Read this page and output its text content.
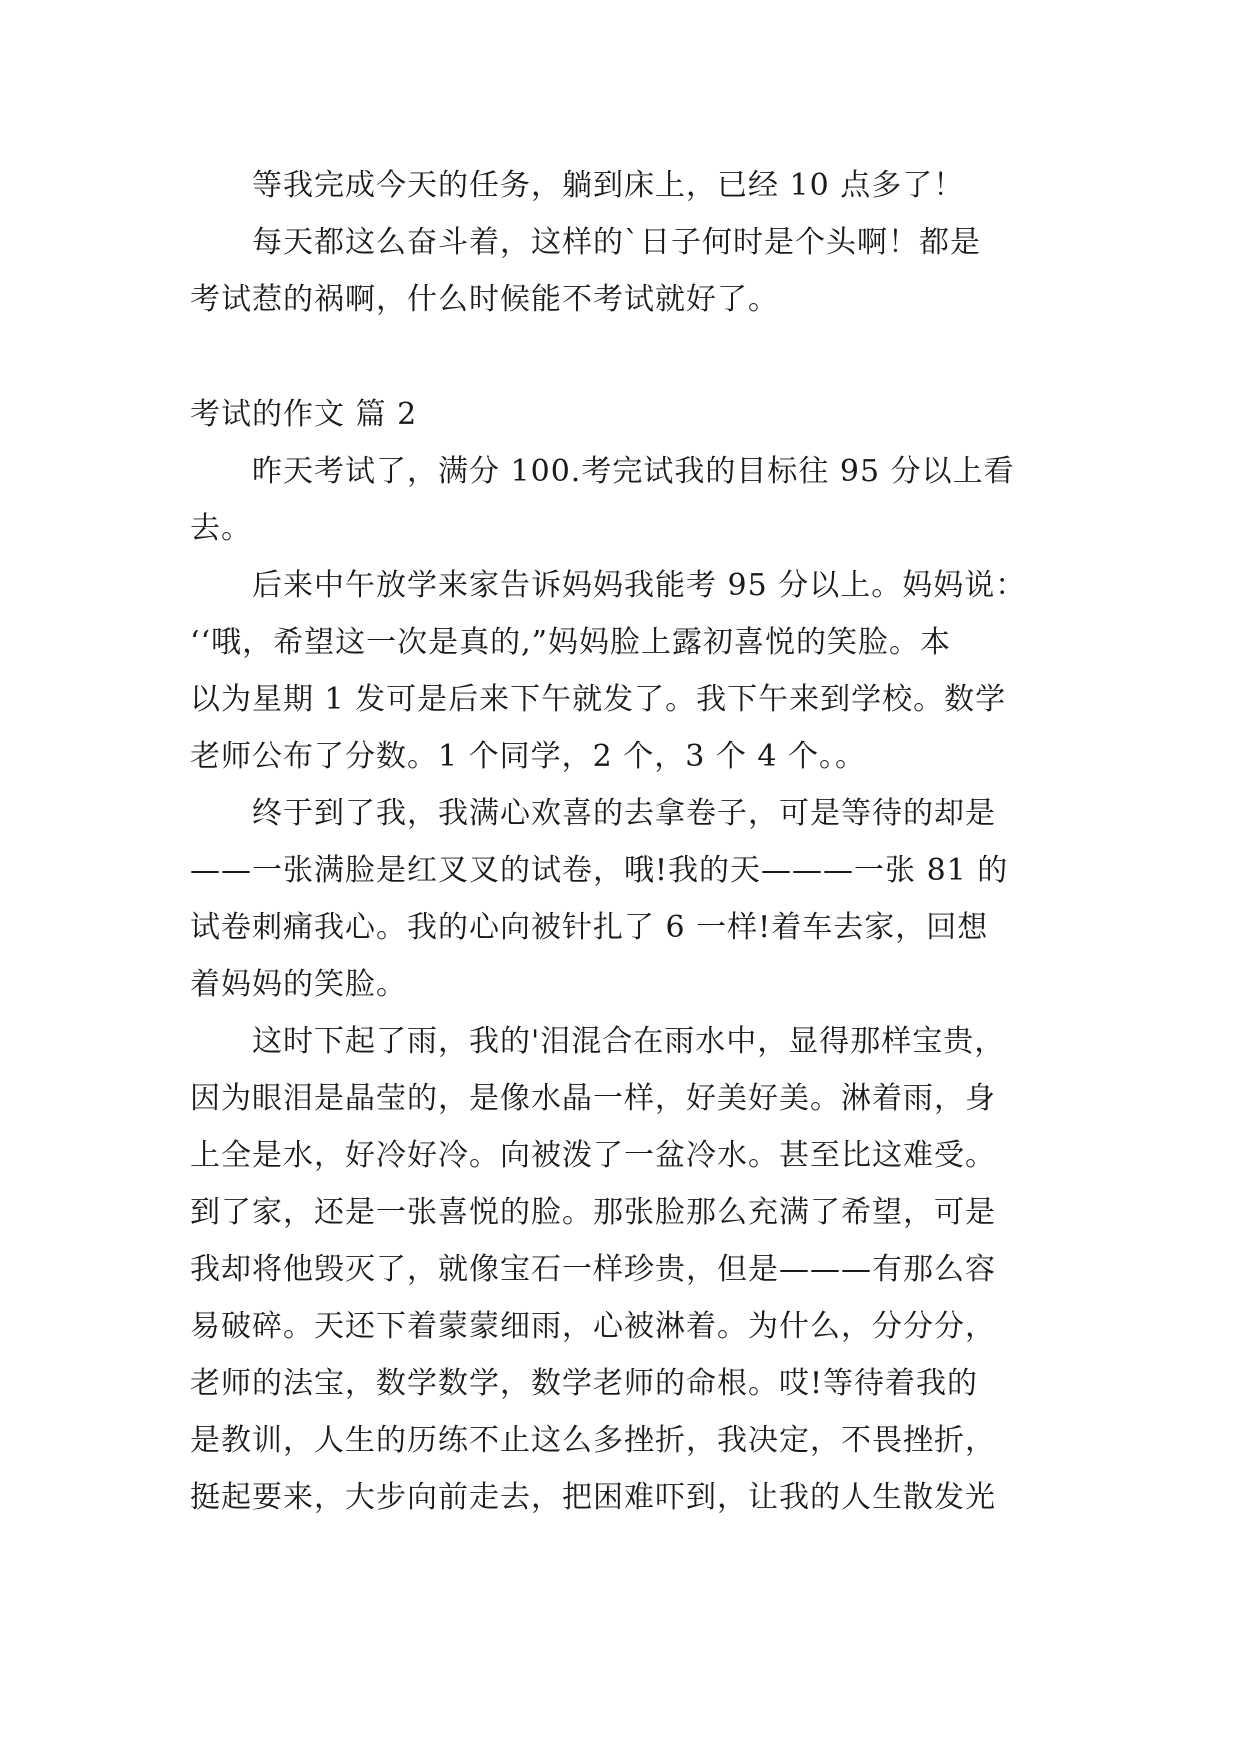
等我完成今天的任务，躺到床上，已经 10 点多了！
每天都这么奋斗着，这样的`日子何时是个头啊！都是
考试惹的祸啊，什么时候能不考试就好了。
考试的作文 篇 2
昨天考试了，满分 100.考完试我的目标往 95 分以上看
去。
后来中午放学来家告诉妈妈我能考 95 分以上。妈妈说：
‘‘哦，希望这一次是真的,”妈妈脸上露初喜悦的笑脸。本
以为星期 1 发可是后来下午就发了。我下午来到学校。数学
老师公布了分数。1 个同学，2 个，3 个 4 个。。
终于到了我，我满心欢喜的去拿卷子，可是等待的却是
——一张满脸是红叉叉的试卷，哦!我的天———一张 81 的
试卷刺痛我心。我的心向被针扎了 6 一样!着车去家，回想
着妈妈的笑脸。
这时下起了雨，我的'泪混合在雨水中，显得那样宝贵，
因为眼泪是晶莹的，是像水晶一样，好美好美。淋着雨，身
上全是水，好冷好冷。向被泼了一盆冷水。甚至比这难受。
到了家，还是一张喜悦的脸。那张脸那么充满了希望，可是
我却将他毁灭了，就像宝石一样珍贵，但是———有那么容
易破碎。天还下着蒙蒙细雨，心被淋着。为什么，分分分，
老师的法宝，数学数学，数学老师的命根。哎!等待着我的
是教训，人生的历练不止这么多挫折，我决定，不畏挫折，
挺起要来，大步向前走去，把困难吓到，让我的人生散发光
